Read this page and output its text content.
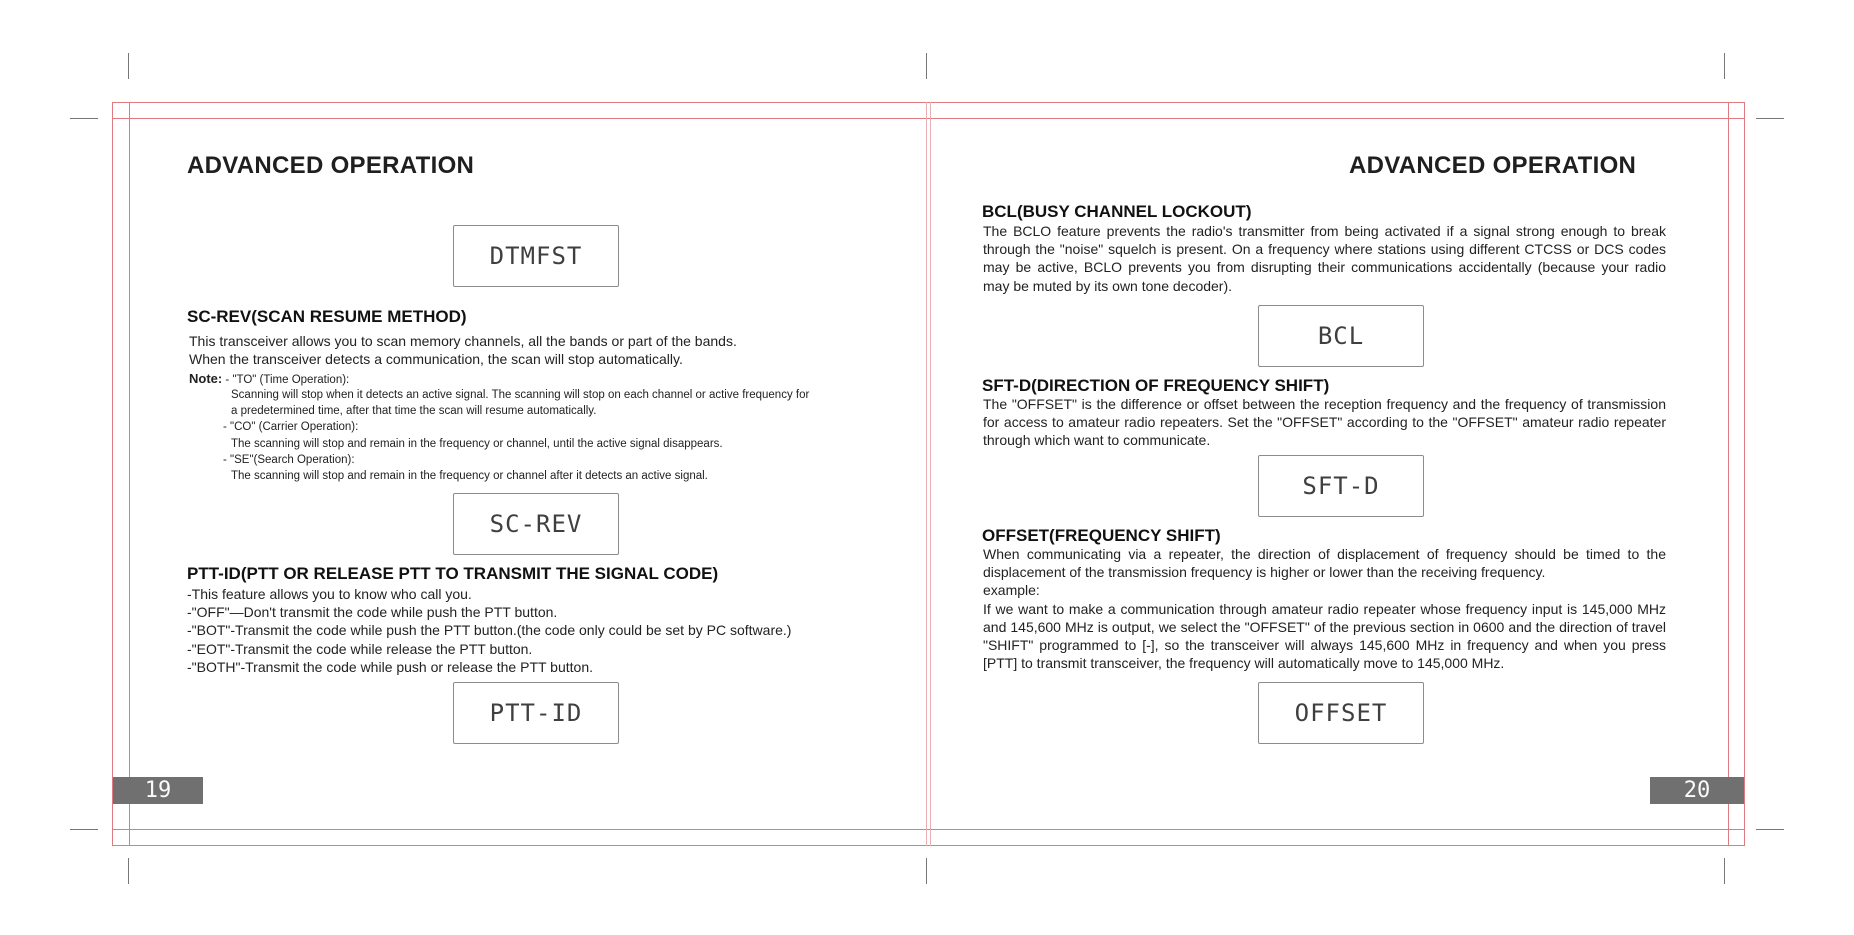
ADVANCED OPERATION
DTMFST
SC-REV(SCAN RESUME METHOD)

This transceiver allows you to scan memory channels, all the bands or part of the bands.

When the transceiver detects a communication, the scan will stop automatically.

Note: - "TO" (Time Operation):
Scanning will stop when it detects an active signal. The scanning will stop on each channel or active frequency for
a predetermined time, after that time the scan will resume automatically.
- "CO" (Carrier Operation):
The scanning will stop and remain in the frequency or channel, until the active signal disappears.
- "SE"(Search Operation):
The scanning will stop and remain in the frequency or channel after it detects an active signal.
SC-REV
PTT-ID(PTT OR RELEASE PTT TO TRANSMIT THE SIGNAL CODE)

-This feature allows you to know who call you.

-"OFF"—Don't transmit the code while push the PTT button.

-"BOT"-Transmit the code while push the PTT button.(the code only could be set by PC software.)

-"EOT"-Transmit the code while release the PTT button.

-"BOTH"-Transmit the code while push or release the PTT button.

PTT-ID
19
ADVANCED OPERATION
BCL(BUSY CHANNEL LOCKOUT)

The BCLO feature prevents the radio's transmitter from being activated if a signal strong enough to break through the "noise" squelch is present. On a frequency where stations using different CTCSS or DCS codes may be active, BCLO prevents you from disrupting their communications accidentally (because your radio may be muted by its own tone decoder).

BCL
SFT-D(DIRECTION OF FREQUENCY SHIFT)

The "OFFSET" is the difference or offset between the reception frequency and the frequency of transmission for access to amateur radio repeaters. Set the "OFFSET" according to the "OFFSET" amateur radio repeater through which want to communicate.

SFT-D
OFFSET(FREQUENCY SHIFT)

When communicating via a repeater, the direction of displacement of frequency should be timed to the displacement of the transmission frequency is higher or lower than the receiving frequency.

example:

If we want to make a communication through amateur radio repeater whose frequency input is 145,000 MHz and 145,600 MHz is output, we select the "OFFSET" of the previous section in 0600 and the direction of travel "SHIFT" programmed to [-], so the transceiver will always 145,600 MHz in frequency and when you press [PTT] to transmit transceiver, the frequency will automatically move to 145,000 MHz.

OFFSET
20
